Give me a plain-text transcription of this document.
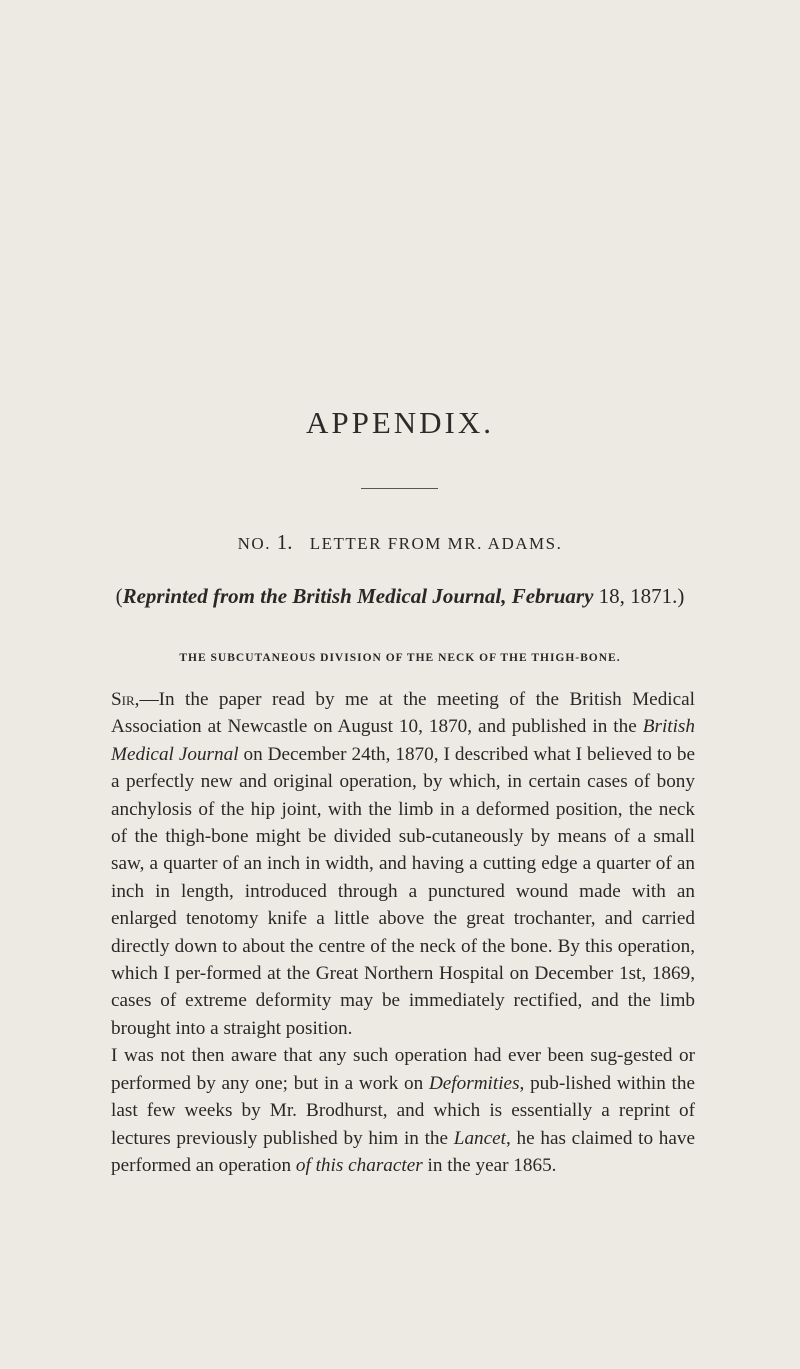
APPENDIX.
NO. 1. LETTER FROM MR. ADAMS.
(Reprinted from the British Medical Journal, February 18, 1871.)
THE SUBCUTANEOUS DIVISION OF THE NECK OF THE THIGH-BONE.

Sir,—In the paper read by me at the meeting of the British Medical Association at Newcastle on August 10, 1870, and published in the British Medical Journal on December 24th, 1870, I described what I believed to be a perfectly new and original operation, by which, in certain cases of bony anchylosis of the hip joint, with the limb in a deformed position, the neck of the thigh-bone might be divided sub-cutaneously by means of a small saw, a quarter of an inch in width, and having a cutting edge a quarter of an inch in length, introduced through a punctured wound made with an enlarged tenotomy knife a little above the great trochanter, and carried directly down to about the centre of the neck of the bone. By this operation, which I per-formed at the Great Northern Hospital on December 1st, 1869, cases of extreme deformity may be immediately rectified, and the limb brought into a straight position.

I was not then aware that any such operation had ever been sug-gested or performed by any one; but in a work on Deformities, pub-lished within the last few weeks by Mr. Brodhurst, and which is essentially a reprint of lectures previously published by him in the Lancet, he has claimed to have performed an operation of this character in the year 1865.
